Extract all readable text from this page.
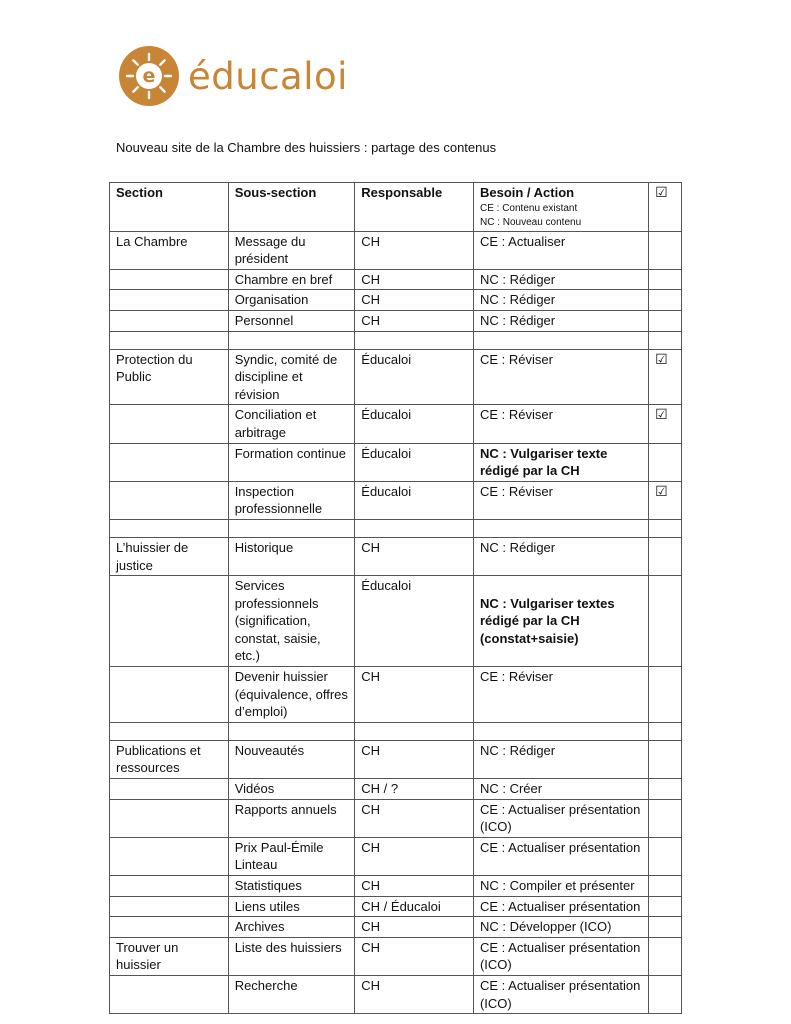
e éducaloi
Nouveau site de la Chambre des huissiers : partage des contenus
Section	Sous-section	Responsable	Besoin / Action
CE : Contenu existant
NC : Nouveau contenu	☑
La Chambre	Message du président	CH	CE : Actualiser	
	Chambre en bref	CH	NC : Rédiger	
	Organisation	CH	NC : Rédiger	
	Personnel	CH	NC : Rédiger	

Protection du Public	Syndic, comité de discipline et révision	Éducaloi	CE : Réviser	☑
	Conciliation et arbitrage	Éducaloi	CE : Réviser	☑
	Formation continue	Éducaloi	NC : Vulgariser texte rédigé par la CH	
	Inspection professionnelle	Éducaloi	CE : Réviser	☑

L’huissier de justice	Historique	CH	NC : Rédiger	
	Services professionnels (signification, constat, saisie, etc.)	Éducaloi	NC : Vulgariser textes rédigé par la CH (constat+saisie)	
	Devenir huissier (équivalence, offres d’emploi)	CH	CE : Réviser	

Publications et ressources	Nouveautés	CH	NC : Rédiger	
	Vidéos	CH / ?	NC : Créer	
	Rapports annuels	CH	CE : Actualiser présentation (ICO)	
	Prix Paul-Émile Linteau	CH	CE : Actualiser présentation	
	Statistiques	CH	NC : Compiler et présenter	
	Liens utiles	CH / Éducaloi	CE : Actualiser présentation	
	Archives	CH	NC : Développer (ICO)	
Trouver un huissier	Liste des huissiers	CH	CE : Actualiser présentation (ICO)	
	Recherche	CH	CE : Actualiser présentation (ICO)	
